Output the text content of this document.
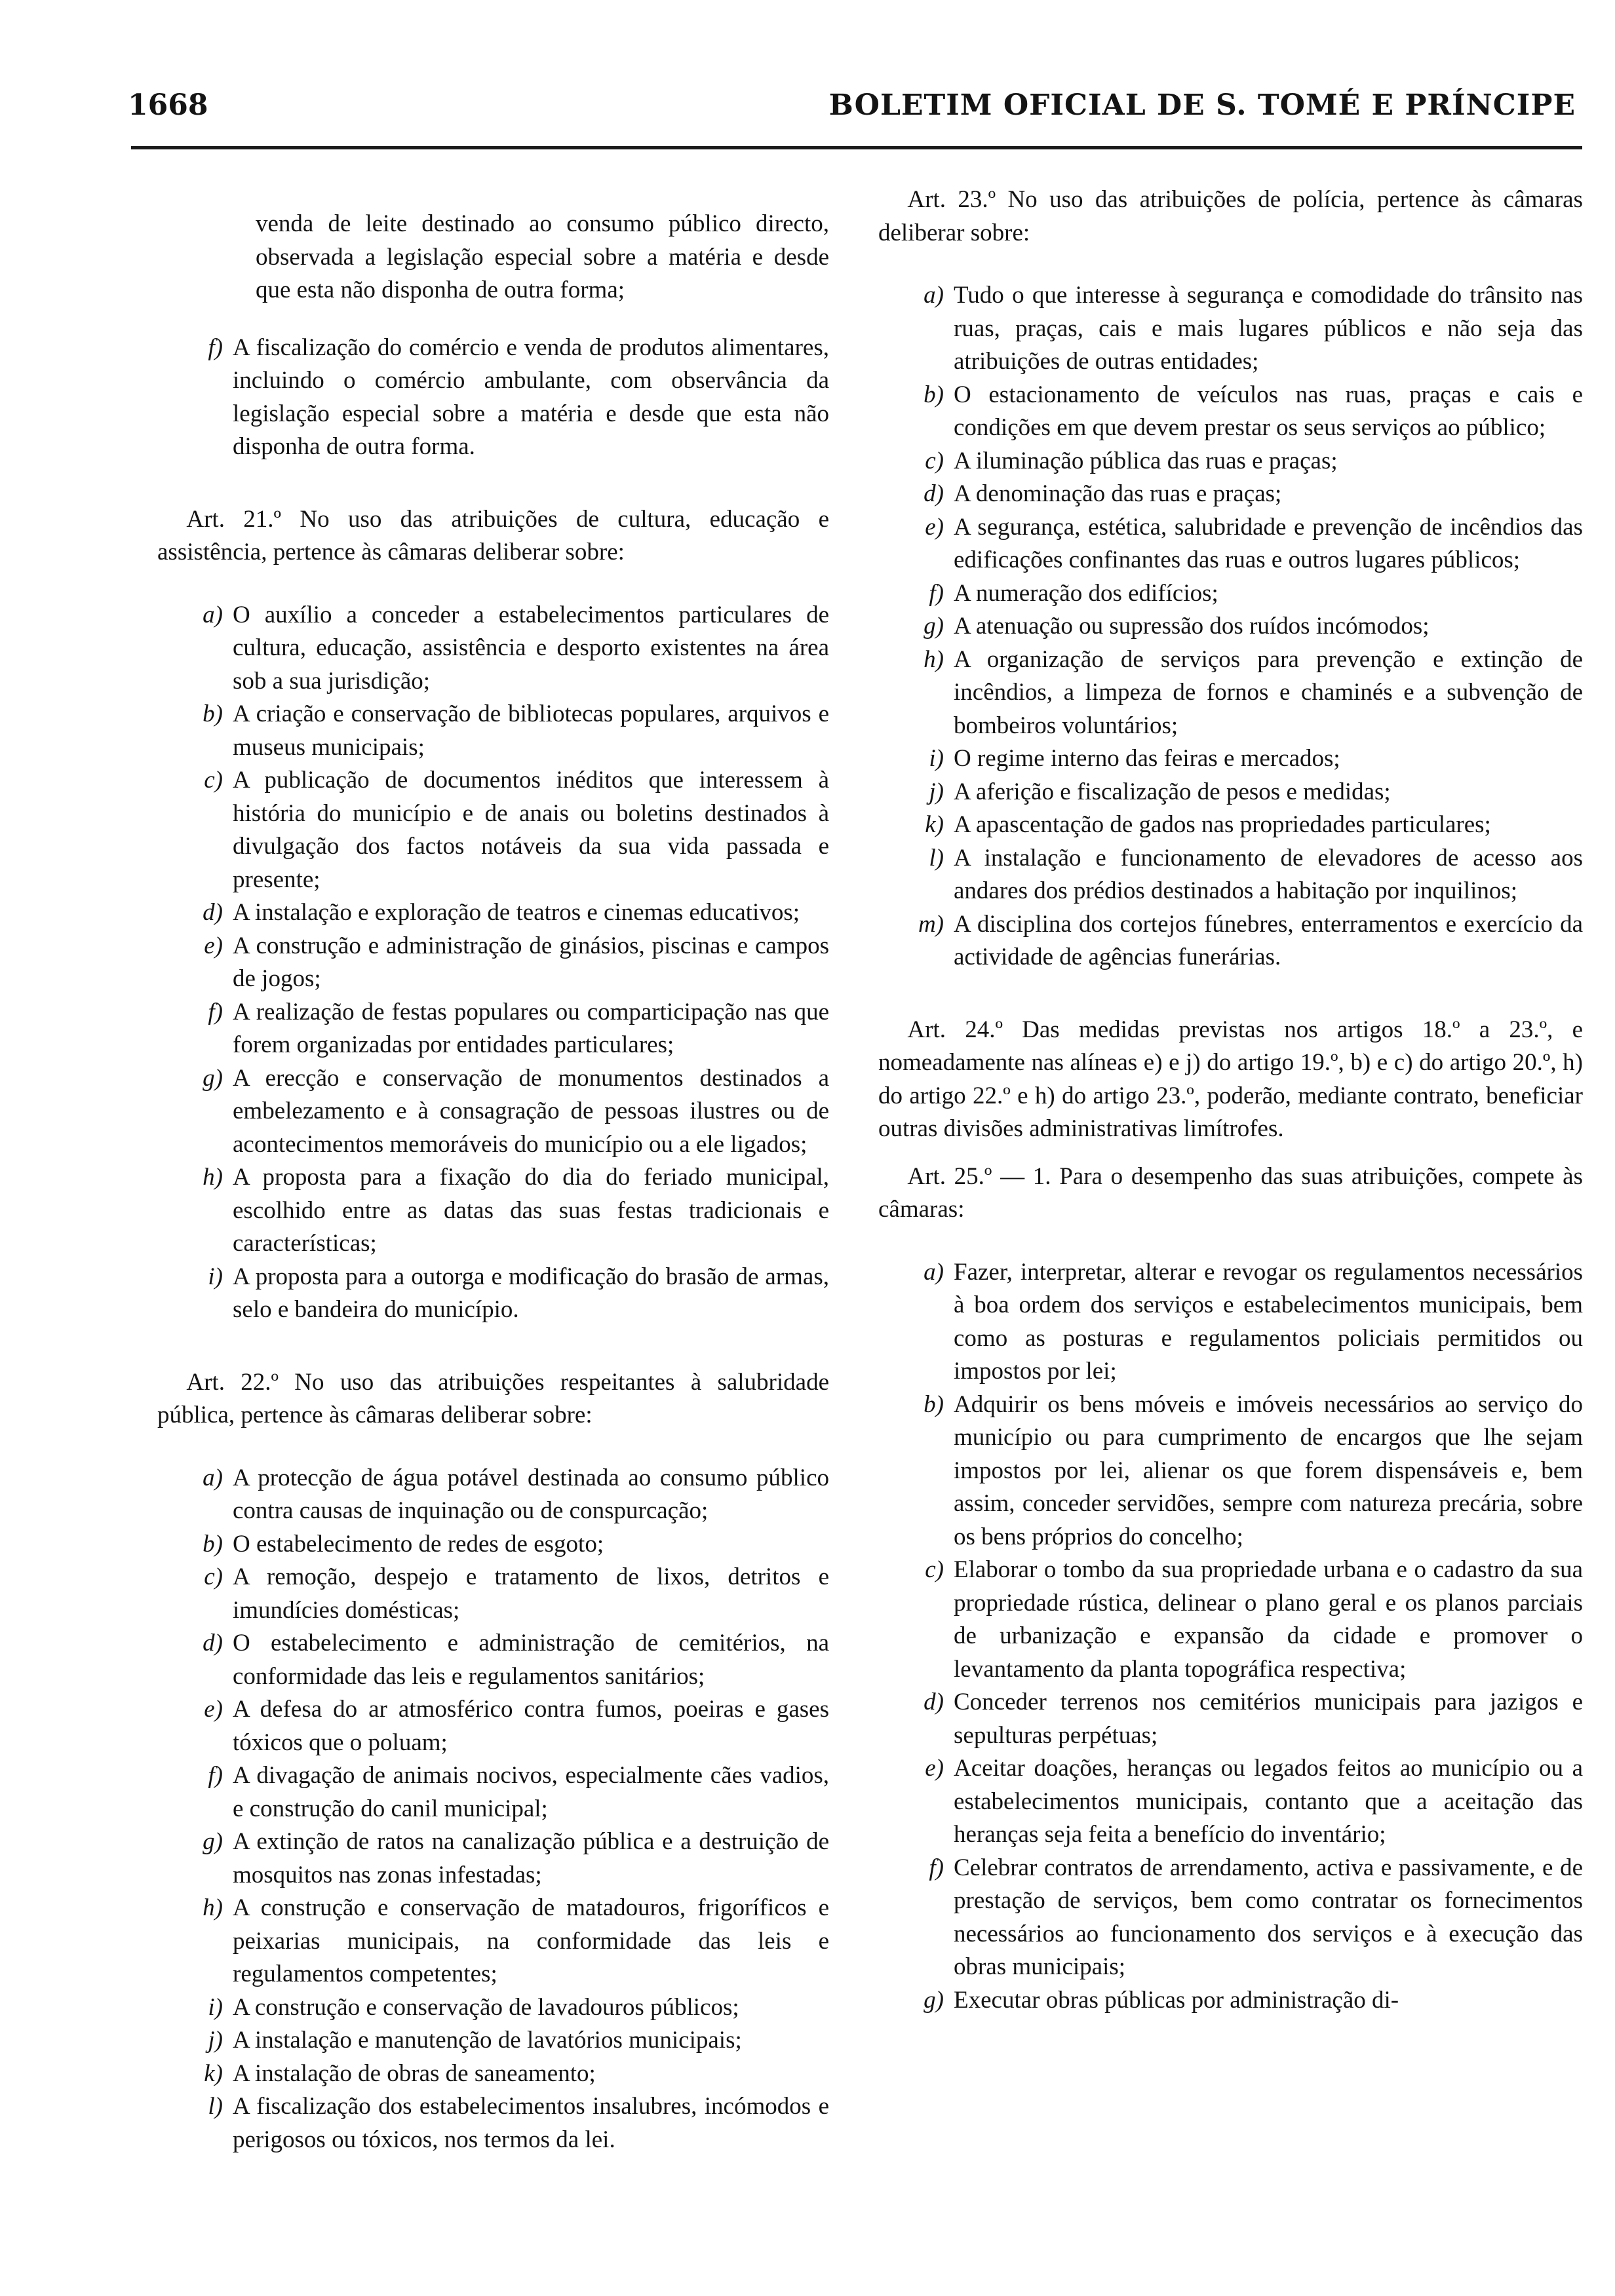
1668	BOLETIM OFICIAL DE S. TOMÉ E PRÍNCIPE

venda de leite destinado ao consumo público directo, observada a legislação especial sobre a matéria e desde que esta não disponha de outra forma;

f) A fiscalização do comércio e venda de produtos alimentares, incluindo o comércio ambulante, com observância da legislação especial sobre a matéria e desde que esta não disponha de outra forma.

Art. 21.º No uso das atribuições de cultura, educação e assistência, pertence às câmaras deliberar sobre:

a) O auxílio a conceder a estabelecimentos particulares de cultura, educação, assistência e desporto existentes na área sob a sua jurisdição;
b) A criação e conservação de bibliotecas populares, arquivos e museus municipais;
c) A publicação de documentos inéditos que interessem à história do município e de anais ou boletins destinados à divulgação dos factos notáveis da sua vida passada e presente;
d) A instalação e exploração de teatros e cinemas educativos;
e) A construção e administração de ginásios, piscinas e campos de jogos;
f) A realização de festas populares ou comparticipação nas que forem organizadas por entidades particulares;
g) A erecção e conservação de monumentos destinados a embelezamento e à consagração de pessoas ilustres ou de acontecimentos memoráveis do município ou a ele ligados;
h) A proposta para a fixação do dia do feriado municipal, escolhido entre as datas das suas festas tradicionais e características;
i) A proposta para a outorga e modificação do brasão de armas, selo e bandeira do município.

Art. 22.º No uso das atribuições respeitantes à salubridade pública, pertence às câmaras deliberar sobre:

a) A protecção de água potável destinada ao consumo público contra causas de inquinação ou de conspurcação;
b) O estabelecimento de redes de esgoto;
c) A remoção, despejo e tratamento de lixos, detritos e imundícies domésticas;
d) O estabelecimento e administração de cemitérios, na conformidade das leis e regulamentos sanitários;
e) A defesa do ar atmosférico contra fumos, poeiras e gases tóxicos que o poluam;
f) A divagação de animais nocivos, especialmente cães vadios, e construção do canil municipal;
g) A extinção de ratos na canalização pública e a destruição de mosquitos nas zonas infestadas;
h) A construção e conservação de matadouros, frigoríficos e peixarias municipais, na conformidade das leis e regulamentos competentes;
i) A construção e conservação de lavadouros públicos;
j) A instalação e manutenção de lavatórios municipais;
k) A instalação de obras de saneamento;
l) A fiscalização dos estabelecimentos insalubres, incómodos e perigosos ou tóxicos, nos termos da lei.

Art. 23.º No uso das atribuições de polícia, pertence às câmaras deliberar sobre:

a) Tudo o que interesse à segurança e comodidade do trânsito nas ruas, praças, cais e mais lugares públicos e não seja das atribuições de outras entidades;
b) O estacionamento de veículos nas ruas, praças e cais e condições em que devem prestar os seus serviços ao público;
c) A iluminação pública das ruas e praças;
d) A denominação das ruas e praças;
e) A segurança, estética, salubridade e prevenção de incêndios das edificações confinantes das ruas e outros lugares públicos;
f) A numeração dos edifícios;
g) A atenuação ou supressão dos ruídos incómodos;
h) A organização de serviços para prevenção e extinção de incêndios, a limpeza de fornos e chaminés e a subvenção de bombeiros voluntários;
i) O regime interno das feiras e mercados;
j) A aferição e fiscalização de pesos e medidas;
k) A apascentação de gados nas propriedades particulares;
l) A instalação e funcionamento de elevadores de acesso aos andares dos prédios destinados a habitação por inquilinos;
m) A disciplina dos cortejos fúnebres, enterramentos e exercício da actividade de agências funerárias.

Art. 24.º Das medidas previstas nos artigos 18.º a 23.º, e nomeadamente nas alíneas e) e j) do artigo 19.º, b) e c) do artigo 20.º, h) do artigo 22.º e h) do artigo 23.º, poderão, mediante contrato, beneficiar outras divisões administrativas limítrofes.

Art. 25.º — 1. Para o desempenho das suas atribuições, compete às câmaras:

a) Fazer, interpretar, alterar e revogar os regulamentos necessários à boa ordem dos serviços e estabelecimentos municipais, bem como as posturas e regulamentos policiais permitidos ou impostos por lei;
b) Adquirir os bens móveis e imóveis necessários ao serviço do município ou para cumprimento de encargos que lhe sejam impostos por lei, alienar os que forem dispensáveis e, bem assim, conceder servidões, sempre com natureza precária, sobre os bens próprios do concelho;
c) Elaborar o tombo da sua propriedade urbana e o cadastro da sua propriedade rústica, delinear o plano geral e os planos parciais de urbanização e expansão da cidade e promover o levantamento da planta topográfica respectiva;
d) Conceder terrenos nos cemitérios municipais para jazigos e sepulturas perpétuas;
e) Aceitar doações, heranças ou legados feitos ao município ou a estabelecimentos municipais, contanto que a aceitação das heranças seja feita a benefício do inventário;
f) Celebrar contratos de arrendamento, activa e passivamente, e de prestação de serviços, bem como contratar os fornecimentos necessários ao funcionamento dos serviços e à execução das obras municipais;
g) Executar obras públicas por administração di-
